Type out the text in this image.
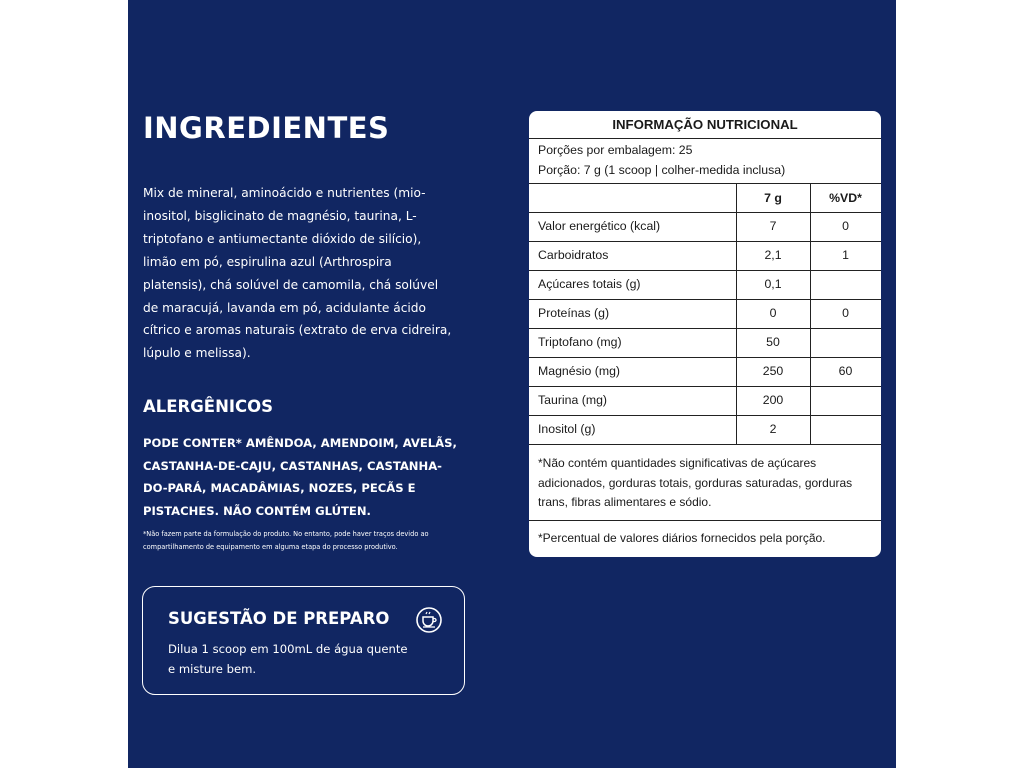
INGREDIENTES

Mix de mineral, aminoácido e nutrientes (mio-inositol, bisglicinato de magnésio, taurina, L-triptofano e antiumectante dióxido de silício), limão em pó, espirulina azul (Arthrospira platensis), chá solúvel de camomila, chá solúvel de maracujá, lavanda em pó, acidulante ácido cítrico e aromas naturais (extrato de erva cidreira, lúpulo e melissa).

ALERGÊNICOS

PODE CONTER* AMÊNDOA, AMENDOIM, AVELÃS, CASTANHA-DE-CAJU, CASTANHAS, CASTANHA-DO-PARÁ, MACADÂMIAS, NOZES, PECÃS E PISTACHES. NÃO CONTÉM GLÚTEN.

*Não fazem parte da formulação do produto. No entanto, pode haver traços devido ao compartilhamento de equipamento em alguma etapa do processo produtivo.

SUGESTÃO DE PREPARO
Dilua 1 scoop em 100mL de água quente e misture bem.
INFORMAÇÃO NUTRICIONAL
Porções por embalagem: 25
Porção: 7 g (1 scoop | colher-medida inclusa)
7 g	%VD*
Valor energético (kcal)	7	0
Carboidratos	2,1	1
Açúcares totais (g)	0,1
Proteínas (g)	0	0
Triptofano (mg)	50
Magnésio (mg)	250	60
Taurina (mg)	200
Inositol (g)	2
*Não contém quantidades significativas de açúcares adicionados, gorduras totais, gorduras saturadas, gorduras trans, fibras alimentares e sódio.
*Percentual de valores diários fornecidos pela porção.
